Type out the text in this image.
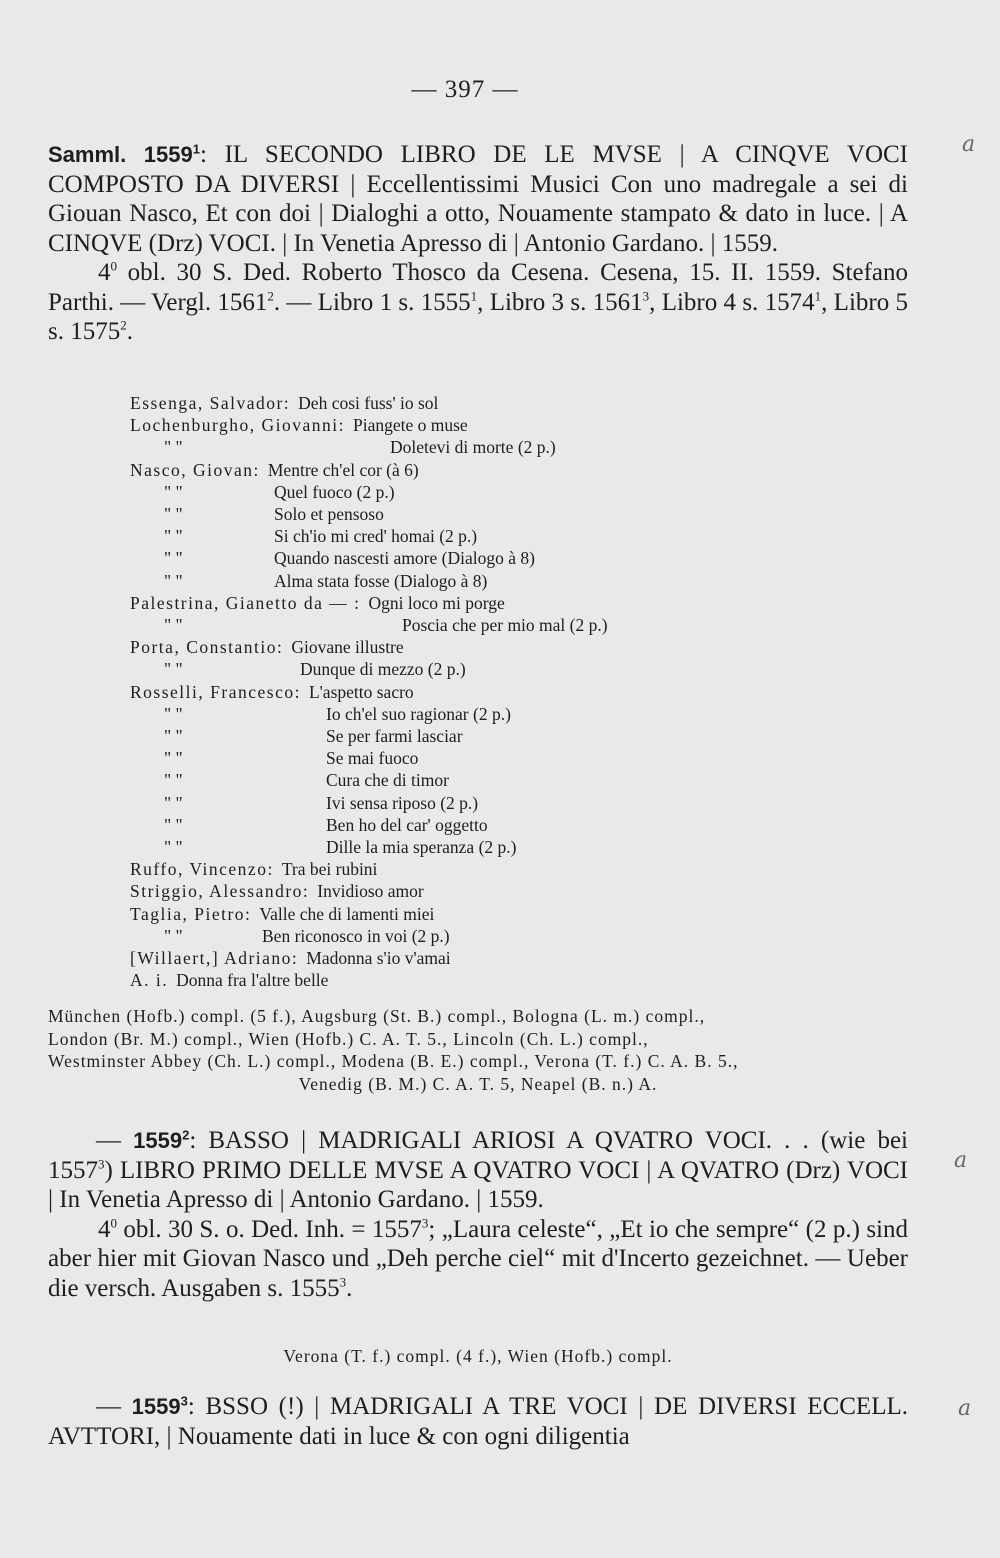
— 397 —

Samml. 1559$^1$: IL SECONDO LIBRO DE LE MVSE | A CINQVE VOCI COMPOSTO DA DIVERSI | Eccellentissimi Musici Con uno madregale a sei di Giouan Nasco, Et con doi | Dialoghi a otto, Nouamente stampato & dato in luce. | A CINQVE (Drz) VOCI. | In Venetia Apresso di | Antonio Gardano. | 1559.

$4^0$ obl. 30 S. Ded. Roberto Thosco da Cesena. Cesena, 15. II. 1559. Stefano Parthi. — Vergl. 1561$^2$. — Libro 1 s. 1555$^1$, Libro 3 s. 1561$^3$, Libro 4 s. 1574$^1$, Libro 5 s. 1575$^2$.

Essenga, Salvador: Deh cosi fuss' io sol
Lochenburgho, Giovanni: Piangete o muse
" "	Doletevi di morte (2 p.)
Nasco, Giovan: Mentre ch'el cor (à 6)
" "	Quel fuoco (2 p.)
" "	Solo et pensoso
" "	Si ch'io mi cred' homai (2 p.)
" "	Quando nascesti amore (Dialogo à 8)
" "	Alma stata fosse (Dialogo à 8)
Palestrina, Gianetto da — : Ogni loco mi porge
" "	Poscia che per mio mal (2 p.)
Porta, Constantio: Giovane illustre
" "	Dunque di mezzo (2 p.)
Rosselli, Francesco: L'aspetto sacro
" "	Io ch'el suo ragionar (2 p.)
" "	Se per farmi lasciar
" "	Se mai fuoco
" "	Cura che di timor
" "	Ivi sensa riposo (2 p.)
" "	Ben ho del car' oggetto
" "	Dille la mia speranza (2 p.)
Ruffo, Vincenzo: Tra bei rubini
Striggio, Alessandro: Invidioso amor
Taglia, Pietro: Valle che di lamenti miei
" "	Ben riconosco in voi (2 p.)
[Willaert,] Adriano: Madonna s'io v'amai
A. i. Donna fra l'altre belle

München (Hofb.) compl. (5 f.), Augsburg (St. B.) compl., Bologna (L. m.) compl.,

London (Br. M.) compl., Wien (Hofb.) C. A. T. 5., Lincoln (Ch. L.) compl.,

Westminster Abbey (Ch. L.) compl., Modena (B. E.) compl., Verona (T. f.) C. A. B. 5.,

Venedig (B. M.) C. A. T. 5, Neapel (B. n.) A.

— 1559$^2$: BASSO | MADRIGALI ARIOSI A QVATRO VOCI. . . (wie bei 1557$^3$) LIBRO PRIMO DELLE MVSE A QVATRO VOCI | A QVATRO (Drz) VOCI | In Venetia Apresso di | Antonio Gardano. | 1559.

$4^0$ obl. 30 S. o. Ded. Inh. = $1557^3$; „Laura celeste“, „Et io che sempre“ (2 p.) sind aber hier mit Giovan Nasco und „Deh perche ciel“ mit d'Incerto gezeichnet. — Ueber die versch. Ausgaben s. 1555$^3$.

Verona (T. f.) compl. (4 f.), Wien (Hofb.) compl.

— 1559$^3$: BSSO (!) | MADRIGALI A TRE VOCI | DE DIVERSI ECCELL. AVTTORI, | Nouamente dati in luce & con ogni diligentia

a
a
a
